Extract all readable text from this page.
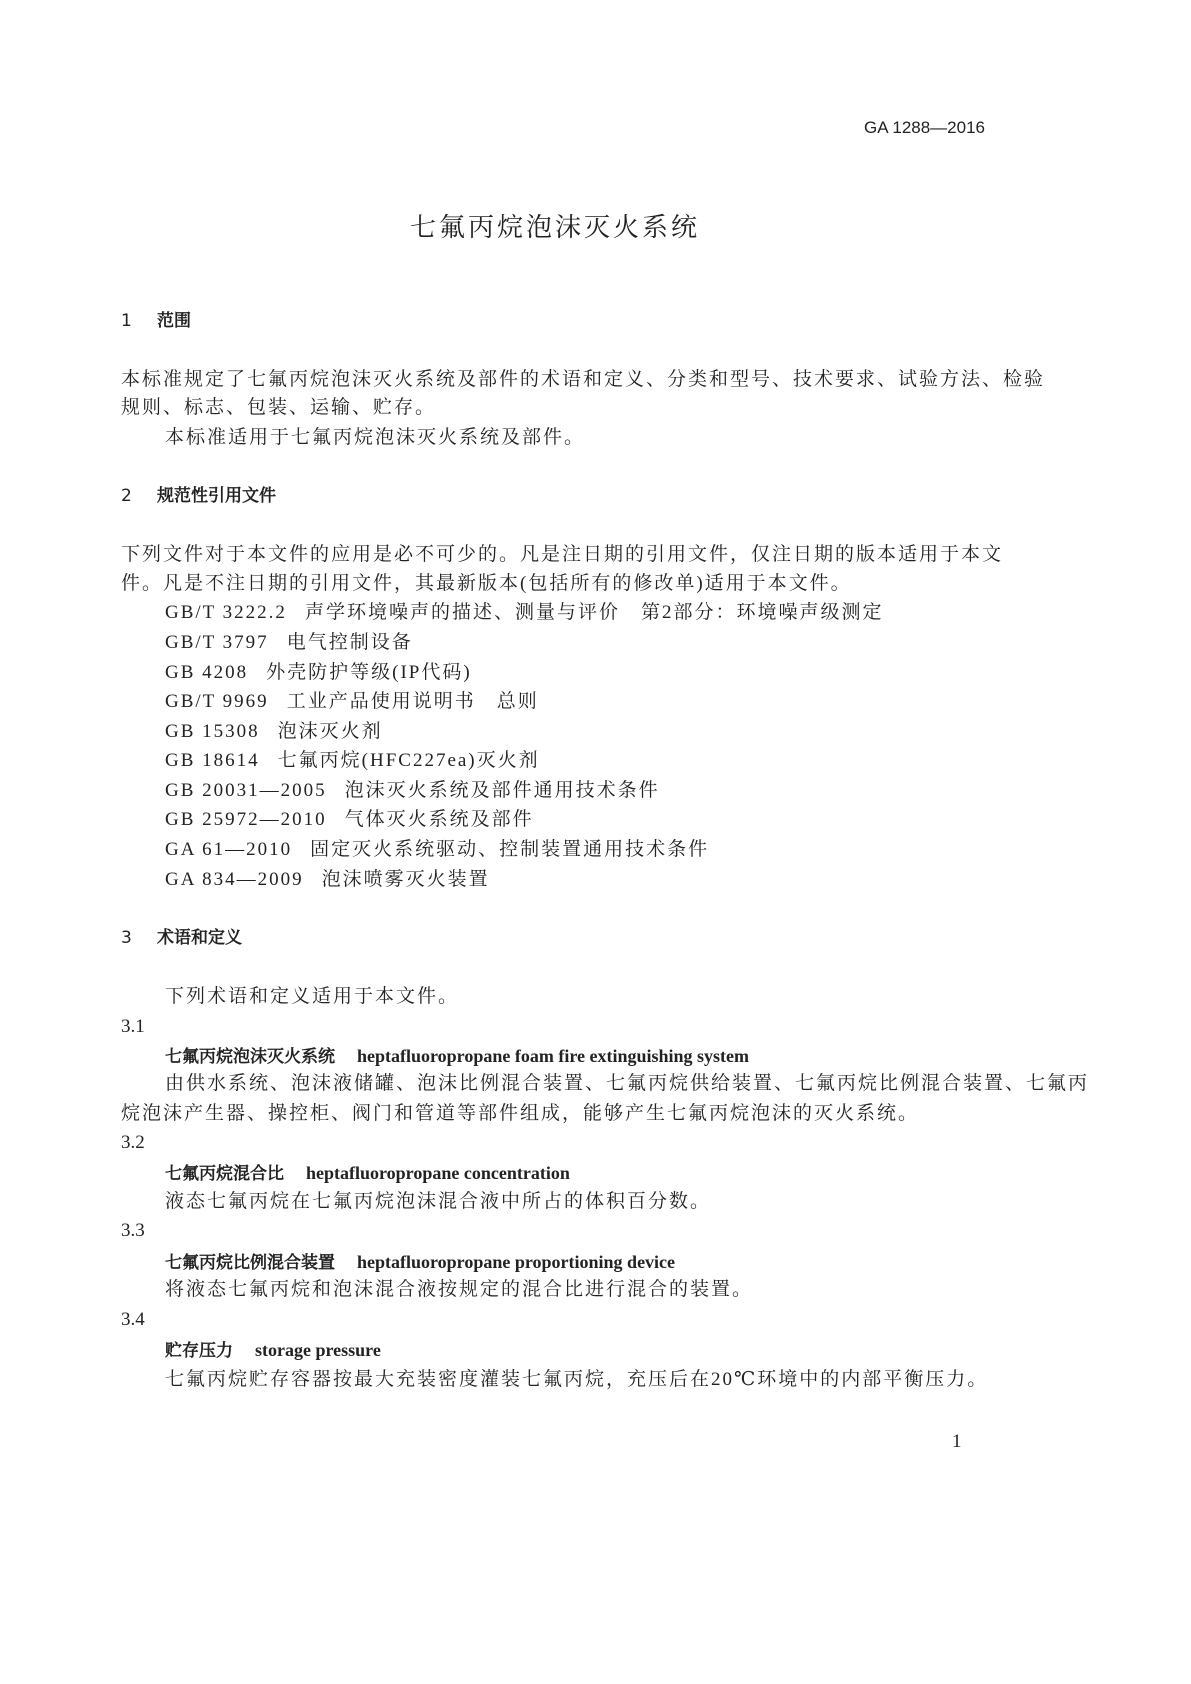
GA 1288—2016
七氟丙烷泡沫灭火系统
1 范围
本标准规定了七氟丙烷泡沫灭火系统及部件的术语和定义、分类和型号、技术要求、试验方法、检验
规则、标志、包装、运输、贮存。
本标准适用于七氟丙烷泡沫灭火系统及部件。
2 规范性引用文件
下列文件对于本文件的应用是必不可少的。凡是注日期的引用文件，仅注日期的版本适用于本文
件。凡是不注日期的引用文件，其最新版本(包括所有的修改单)适用于本文件。
GB/T 3222.2 声学环境噪声的描述、测量与评价　第2部分：环境噪声级测定
GB/T 3797 电气控制设备
GB 4208 外壳防护等级(IP代码)
GB/T 9969 工业产品使用说明书　总则
GB 15308 泡沫灭火剂
GB 18614 七氟丙烷(HFC227ea)灭火剂
GB 20031—2005 泡沫灭火系统及部件通用技术条件
GB 25972—2010 气体灭火系统及部件
GA 61—2010 固定灭火系统驱动、控制装置通用技术条件
GA 834—2009 泡沫喷雾灭火装置
3 术语和定义
下列术语和定义适用于本文件。
3.1
七氟丙烷泡沫灭火系统 heptafluoropropane foam fire extinguishing system
由供水系统、泡沫液储罐、泡沫比例混合装置、七氟丙烷供给装置、七氟丙烷比例混合装置、七氟丙
烷泡沫产生器、操控柜、阀门和管道等部件组成，能够产生七氟丙烷泡沫的灭火系统。
3.2
七氟丙烷混合比 heptafluoropropane concentration
液态七氟丙烷在七氟丙烷泡沫混合液中所占的体积百分数。
3.3
七氟丙烷比例混合装置 heptafluoropropane proportioning device
将液态七氟丙烷和泡沫混合液按规定的混合比进行混合的装置。
3.4
贮存压力 storage pressure
七氟丙烷贮存容器按最大充装密度灌装七氟丙烷，充压后在20℃环境中的内部平衡压力。
1
